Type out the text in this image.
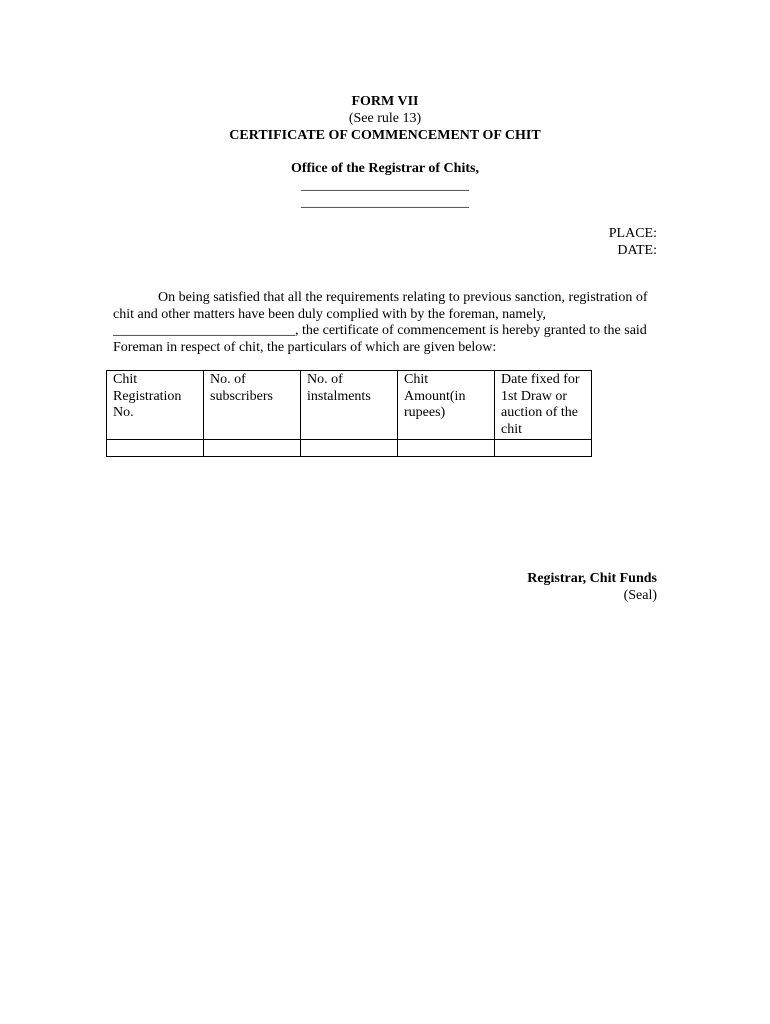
FORM VII
(See rule 13)
CERTIFICATE OF COMMENCEMENT OF CHIT
Office of the Registrar of Chits,
________________________
________________________
PLACE:
DATE:
On being satisfied that all the requirements relating to previous sanction, registration of
chit and other matters have been duly complied with by the foreman, namely,
__________________________, the certificate of commencement is hereby granted to the said
Foreman in respect of chit, the particulars of which are given below:
Chit Registration No.	No. of subscribers	No. of instalments	Chit Amount(in rupees)	Date fixed for 1st Draw or auction of the chit

Registrar, Chit Funds
(Seal)
